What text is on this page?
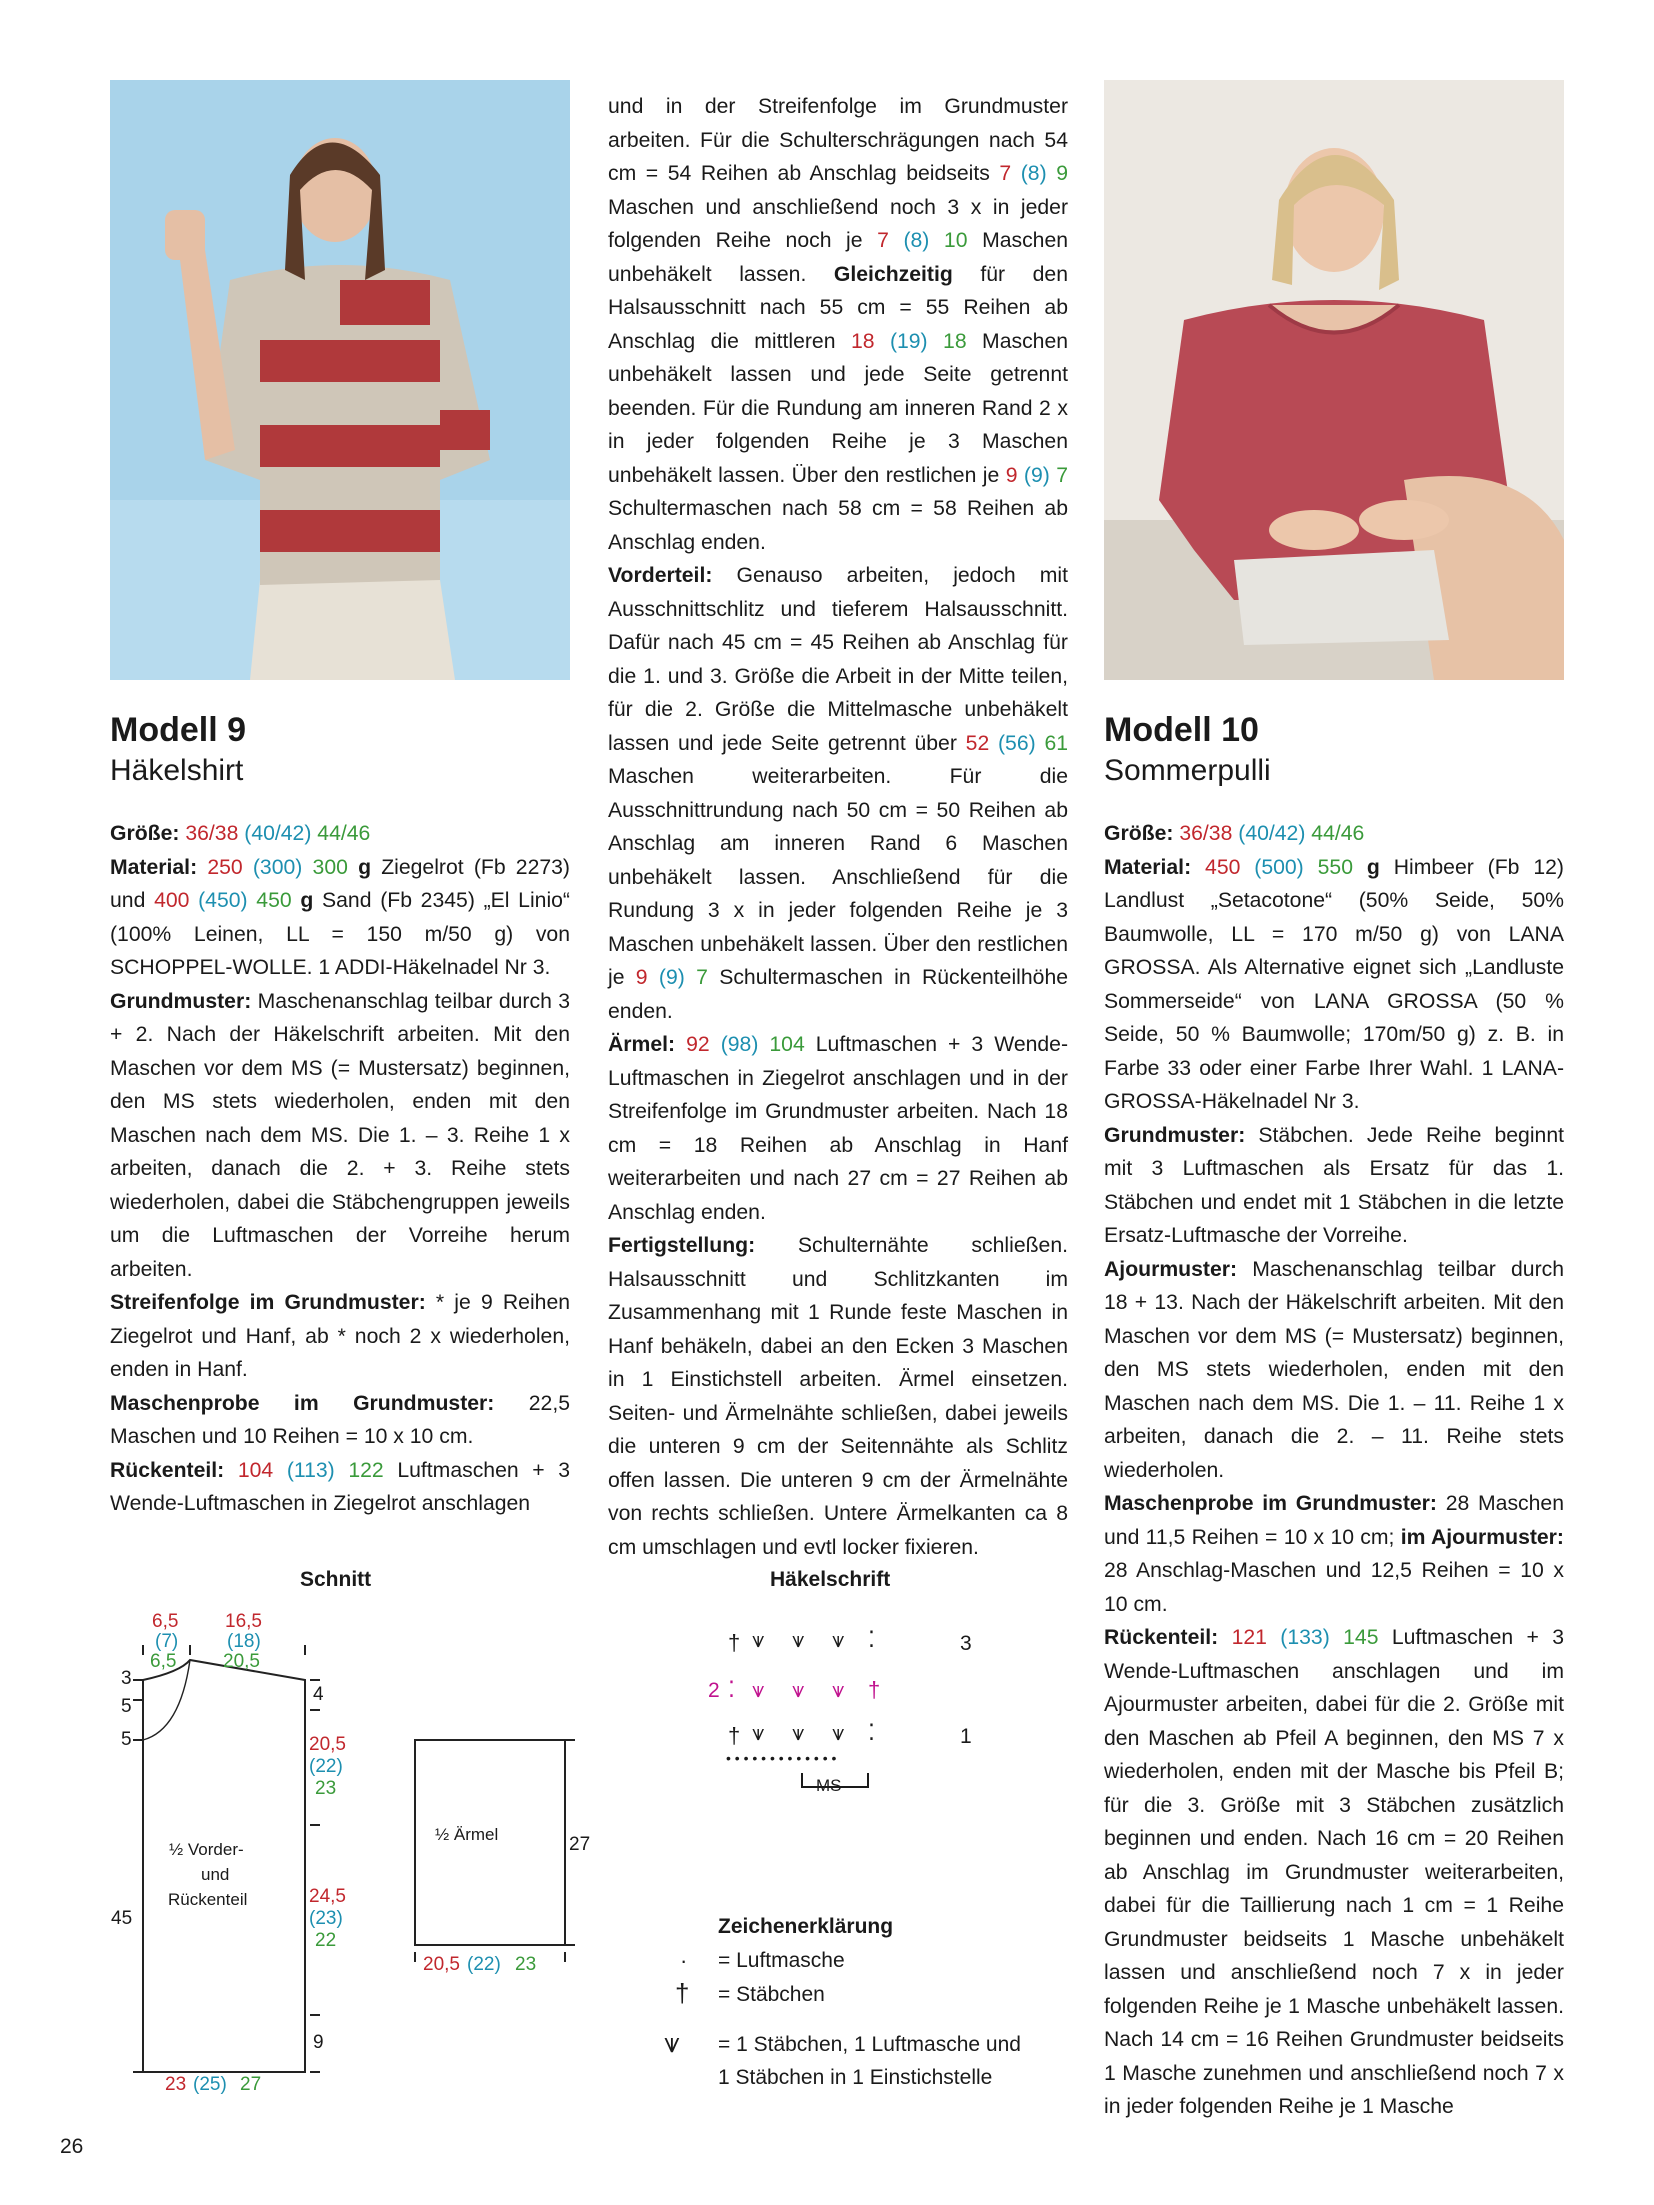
Modell 9
Häkelshirt

Größe: 36/38 (40/42) 44/46

Material: 250 (300) 300 g Ziegelrot (Fb 2273) und 400 (450) 450 g Sand (Fb 2345) „El Linio“ (100% Leinen, LL = 150 m/50 g) von SCHOPPEL-WOLLE. 1 ADDI-Häkelnadel Nr 3.

Grundmuster: Maschenanschlag teilbar durch 3 + 2. Nach der Häkelschrift arbeiten. Mit den Maschen vor dem MS (= Mustersatz) beginnen, den MS stets wiederholen, enden mit den Maschen nach dem MS. Die 1. – 3. Reihe 1 x arbeiten, danach die 2. + 3. Reihe stets wiederholen, dabei die Stäbchengruppen jeweils um die Luftmaschen der Vorreihe herum arbeiten.

Streifenfolge im Grundmuster: * je 9 Reihen Ziegelrot und Hanf, ab * noch 2 x wiederholen, enden in Hanf.

Maschenprobe im Grundmuster: 22,5 Maschen und 10 Reihen = 10 x 10 cm.

Rückenteil: 104 (113) 122 Luftmaschen + 3 Wende-Luftmaschen in Ziegelrot anschlagen

und in der Streifenfolge im Grundmuster arbeiten. Für die Schulterschrägungen nach 54 cm = 54 Reihen ab Anschlag beidseits 7 (8) 9 Maschen und anschließend noch 3 x in jeder folgenden Reihe noch je 7 (8) 10 Maschen unbehäkelt lassen. Gleichzeitig für den Halsausschnitt nach 55 cm = 55 Reihen ab Anschlag die mittleren 18 (19) 18 Maschen unbehäkelt lassen und jede Seite getrennt beenden. Für die Rundung am inneren Rand 2 x in jeder folgenden Reihe je 3 Maschen unbehäkelt lassen. Über den restlichen je 9 (9) 7 Schultermaschen nach 58 cm = 58 Reihen ab Anschlag enden.

Vorderteil: Genauso arbeiten, jedoch mit Ausschnittschlitz und tieferem Halsausschnitt. Dafür nach 45 cm = 45 Reihen ab Anschlag für die 1. und 3. Größe die Arbeit in der Mitte teilen, für die 2. Größe die Mittelmasche unbehäkelt lassen und jede Seite getrennt über 52 (56) 61 Maschen weiterarbeiten. Für die Ausschnittrundung nach 50 cm = 50 Reihen ab Anschlag am inneren Rand 6 Maschen unbehäkelt lassen. Anschließend für die Rundung 3 x in jeder folgenden Reihe je 3 Maschen unbehäkelt lassen. Über den restlichen je 9 (9) 7 Schultermaschen in Rückenteilhöhe enden.

Ärmel: 92 (98) 104 Luftmaschen + 3 Wende-Luftmaschen in Ziegelrot anschlagen und in der Streifenfolge im Grundmuster arbeiten. Nach 18 cm = 18 Reihen ab Anschlag in Hanf weiterarbeiten und nach 27 cm = 27 Reihen ab Anschlag enden.

Fertigstellung: Schulternähte schließen. Halsausschnitt und Schlitzkanten im Zusammenhang mit 1 Runde feste Maschen in Hanf behäkeln, dabei an den Ecken 3 Maschen in 1 Einstichstell arbeiten. Ärmel einsetzen. Seiten- und Ärmelnähte schließen, dabei jeweils die unteren 9 cm der Seitennähte als Schlitz offen lassen. Die unteren 9 cm der Ärmelnähte von rechts schließen. Untere Ärmelkanten ca 8 cm umschlagen und evtl locker fixieren.

Modell 10
Sommerpulli

Größe: 36/38 (40/42) 44/46

Material: 450 (500) 550 g Himbeer (Fb 12) Landlust „Setacotone“ (50% Seide, 50% Baumwolle, LL = 170 m/50 g) von LANA GROSSA. Als Alternative eignet sich „Landluste Sommerseide“ von LANA GROSSA (50 % Seide, 50 % Baumwolle; 170m/50 g) z. B. in Farbe 33 oder einer Farbe Ihrer Wahl. 1 LANA-GROSSA-Häkelnadel Nr 3.

Grundmuster: Stäbchen. Jede Reihe beginnt mit 3 Luftmaschen als Ersatz für das 1. Stäbchen und endet mit 1 Stäbchen in die letzte Ersatz-Luftmasche der Vorreihe.

Ajourmuster: Maschenanschlag teilbar durch 18 + 13. Nach der Häkelschrift arbeiten. Mit den Maschen vor dem MS (= Mustersatz) beginnen, den MS stets wiederholen, enden mit den Maschen nach dem MS. Die 1. – 11. Reihe 1 x arbeiten, danach die 2. – 11. Reihe stets wiederholen.

Maschenprobe im Grundmuster: 28 Maschen und 11,5 Reihen = 10 x 10 cm; im Ajourmuster: 28 Anschlag-Maschen und 12,5 Reihen = 10 x 10 cm.

Rückenteil: 121 (133) 145 Luftmaschen + 3 Wende-Luftmaschen anschlagen und im Ajourmuster arbeiten, dabei für die 2. Größe mit den Maschen ab Pfeil A beginnen, den MS 7 x wiederholen, enden mit der Masche bis Pfeil B; für die 3. Größe mit 3 Stäbchen zusätzlich beginnen und enden. Nach 16 cm = 20 Reihen ab Anschlag im Grundmuster weiterarbeiten, dabei für die Taillierung nach 1 cm = 1 Reihe Grundmuster beidseits 1 Masche unbehäkelt lassen und anschließend noch 7 x in jeder folgenden Reihe je 1 Masche unbehäkelt lassen. Nach 14 cm = 16 Reihen Grundmuster beidseits 1 Masche zunehmen und anschließend noch 7 x in jeder folgenden Reihe je 1 Masche

Schnitt
6,5
(7)
6,5
16,5
(18)
20,5
3
5
5
4
20,5
(22)
23
24,5
(23)
22
45
9
½ Vorder-
und
Rückenteil
23 (25) 27
½ Ärmel	27
20,5 (22) 23
Häkelschrift
† ⩛ ⩛ ⩛ ⁚	3
2 ⁚ ⩛ ⩛ ⩛ †
† ⩛ ⩛ ⩛ ⁚	1
• • • • • • • • • • • • •
MS
Zeichenerklärung
· = Luftmasche
† = Stäbchen
⩛ = 1 Stäbchen, 1 Luftmasche und
1 Stäbchen in 1 Einstichstelle
26
